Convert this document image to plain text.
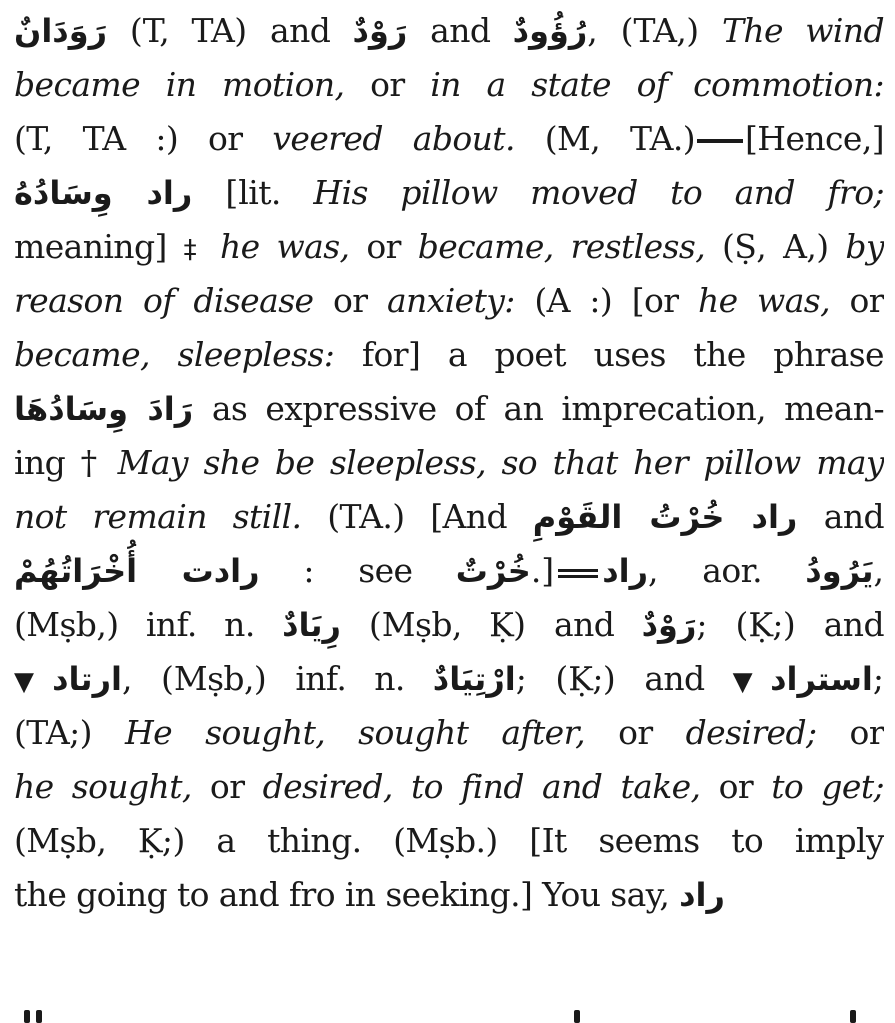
رَوَدَانٌ (T, TA) and رَوْدٌ and رُؤُودٌ, (TA,) The wind
became in motion, or in a state of commotion:
(T, TA :) or veered about. (M, TA.) [Hence,]
راد وِسَادُهُ [lit. His pillow moved to and fro;
meaning] ‡ he was, or became, restless, (Ṣ, A,) by
reason of disease or anxiety: (A :) [or he was, or
became, sleepless: for] a poet uses the phrase
رَادَ وِسَادُهَا as expressive of an imprecation, mean-
ing † May she be sleepless, so that her pillow may
not remain still. (TA.) [And راد خُرْتُ القَوْمِ and
رادت أُخْرَاتُهُمْ : see خُرْتٌ.] راد, aor. يَرُودُ,
(Mṣb,) inf. n. رِيَادٌ (Mṣb, Ḳ) and رَوْدٌ; (Ḳ;) and
▼ارتاد, (Mṣb,) inf. n. ارْتِيَادٌ; (Ḳ;) and ▼استراد;
(TA;) He sought, sought after, or desired; or
he sought, or desired, to find and take, or to get;
(Mṣb, Ḳ;) a thing. (Mṣb.) [It seems to imply
the going to and fro in seeking.] You say, راد
